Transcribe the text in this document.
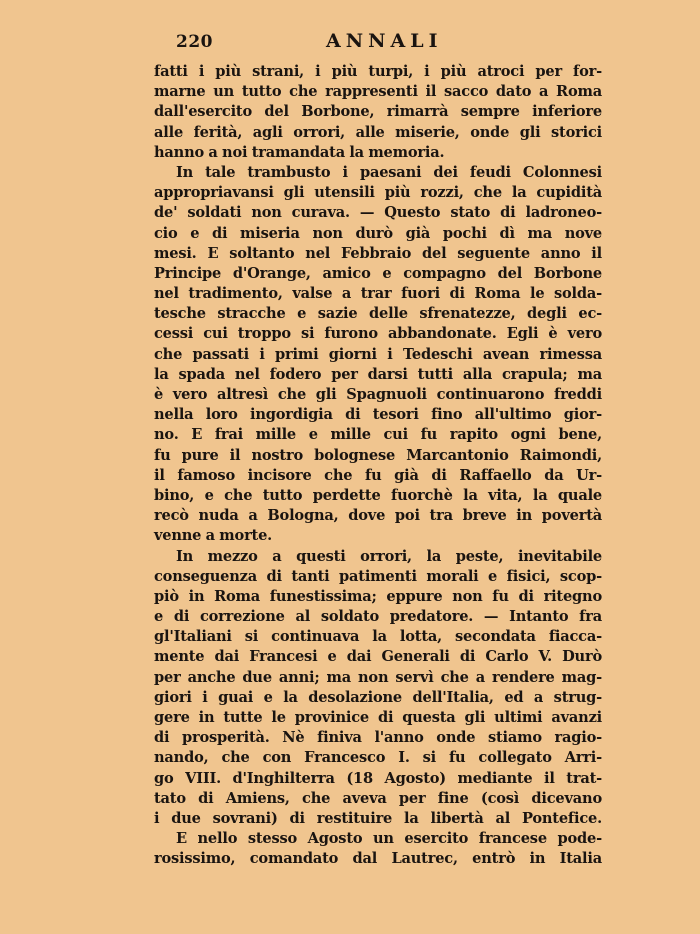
220	ANNALI
fatti i più strani, i più turpi, i più atroci per for-
marne un tutto che rappresenti il sacco dato a Roma
dall'esercito del Borbone, rimarrà sempre inferiore
alle ferità, agli orrori, alle miserie, onde gli storici
hanno a noi tramandata la memoria.
In tale trambusto i paesani dei feudi Colonnesi
appropriavansi gli utensili più rozzi, che la cupidità
de' soldati non curava. — Questo stato di ladroneo-
cio e di miseria non durò già pochi dì ma nove
mesi. E soltanto nel Febbraio del seguente anno il
Principe d'Orange, amico e compagno del Borbone
nel tradimento, valse a trar fuori di Roma le solda-
tesche stracche e sazie delle sfrenatezze, degli ec-
cessi cui troppo si furono abbandonate. Egli è vero
che passati i primi giorni i Tedeschi avean rimessa
la spada nel fodero per darsi tutti alla crapula; ma
è vero altresì che gli Spagnuoli continuarono freddi
nella loro ingordigia di tesori fino all'ultimo gior-
no. E frai mille e mille cui fu rapito ogni bene,
fu pure il nostro bolognese Marcantonio Raimondi,
il famoso incisore che fu già di Raffaello da Ur-
bino, e che tutto perdette fuorchè la vita, la quale
recò nuda a Bologna, dove poi tra breve in povertà
venne a morte.
In mezzo a questi orrori, la peste, inevitabile
conseguenza di tanti patimenti morali e fisici, scop-
piò in Roma funestissima; eppure non fu di ritegno
e di correzione al soldato predatore. — Intanto fra
gl'Italiani si continuava la lotta, secondata fiacca-
mente dai Francesi e dai Generali di Carlo V. Durò
per anche due anni; ma non servì che a rendere mag-
giori i guai e la desolazione dell'Italia, ed a strug-
gere in tutte le provinice di questa gli ultimi avanzi
di prosperità. Nè finiva l'anno onde stiamo ragio-
nando, che con Francesco I. si fu collegato Arri-
go VIII. d'Inghilterra (18 Agosto) mediante il trat-
tato di Amiens, che aveva per fine (così dicevano
i due sovrani) di restituire la libertà al Pontefice.
E nello stesso Agosto un esercito francese pode-
rosissimo, comandato dal Lautrec, entrò in Italia
